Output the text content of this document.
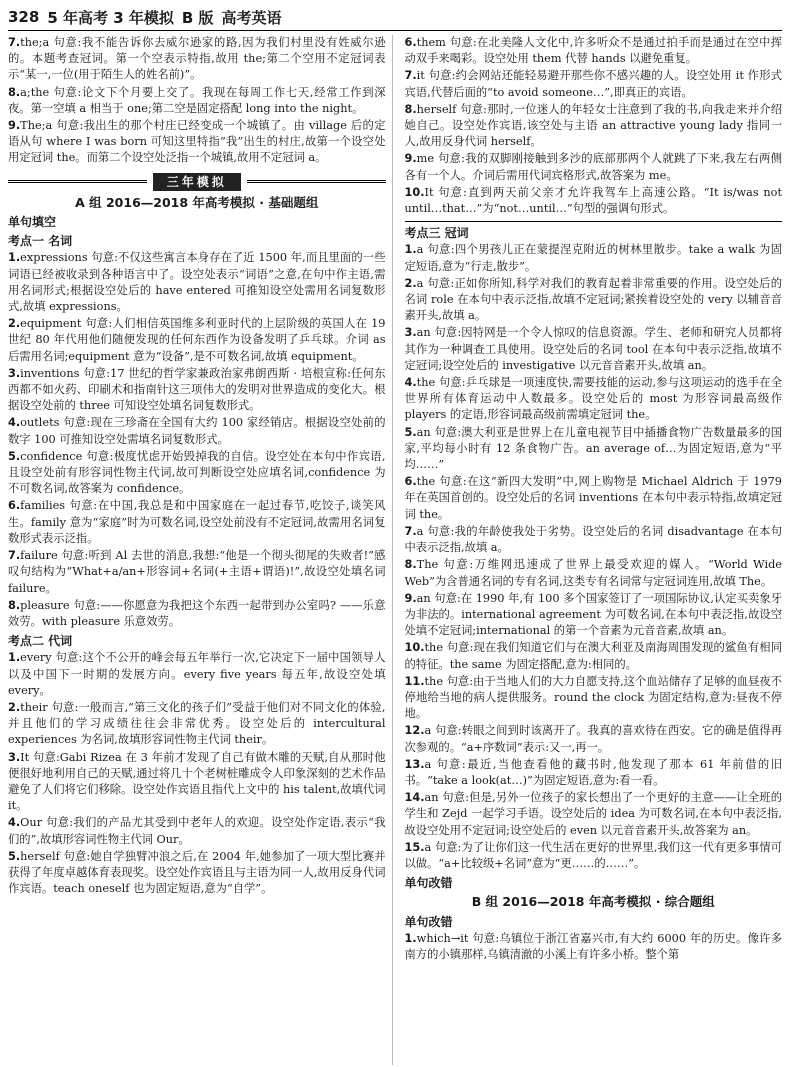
328 5 年高考 3 年模拟 B 版 高考英语
7.the;a 句意:我不能告诉你去威尔逊家的路,因为我们村里没有姓威尔逊的。本题考查冠词。第一个空表示特指,故用 the;第二个空用不定冠词表示“某一,一位(用于陌生人的姓名前)”。
8.a;the 句意:论文下个月要上交了。我现在每周工作七天,经常工作到深夜。第一空填 a 相当于 one;第二空是固定搭配 long into the night。
9.The;a 句意:我出生的那个村庄已经变成一个城镇了。由 village 后的定语从句 where I was born 可知这里特指“我”出生的村庄,故第一个设空处用定冠词 the。而第二个设空处泛指一个城镇,故用不定冠词 a。
三年模拟
A 组 2016—2018 年高考模拟 · 基础题组
单句填空
考点一 名词
1.expressions 句意:不仅这些寓言本身存在了近 1500 年,而且里面的一些词语已经被收录到各种语言中了。设空处表示“词语”之意,在句中作主语,需用名词形式;根据设空处后的 have entered 可推知设空处需用名词复数形式,故填 expressions。
2.equipment 句意:人们相信英国维多利亚时代的上层阶级的英国人在 19 世纪 80 年代用他们随便发现的任何东西作为设备发明了乒乓球。介词 as 后需用名词;equipment 意为“设备”,是不可数名词,故填 equipment。
3.inventions 句意:17 世纪的哲学家兼政治家弗朗西斯 · 培根宣称:任何东西都不如火药、印刷术和指南针这三项伟大的发明对世界造成的变化大。根据设空处前的 three 可知设空处填名词复数形式。
4.outlets 句意:现在三珍斋在全国有大约 100 家经销店。根据设空处前的数字 100 可推知设空处需填名词复数形式。
5.confidence 句意:极度忧虑开始毁掉我的自信。设空处在本句中作宾语,且设空处前有形容词性物主代词,故可判断设空处应填名词,confidence 为不可数名词,故答案为 confidence。
6.families 句意:在中国,我总是和中国家庭在一起过春节,吃饺子,谈笑风生。family 意为“家庭”时为可数名词,设空处前没有不定冠词,故需用名词复数形式表示泛指。
7.failure 句意:听到 Al 去世的消息,我想:“他是一个彻头彻尾的失败者!”感叹句结构为“What+a/an+形容词+名词(+主语+谓语)!”,故设空处填名词 failure。
8.pleasure 句意:——你愿意为我把这个东西一起带到办公室吗? ——乐意效劳。with pleasure 乐意效劳。
考点二 代词
1.every 句意:这个不公开的峰会每五年举行一次,它决定下一届中国领导人以及中国下一时期的发展方向。every five years 每五年,故设空处填 every。
2.their 句意:一般而言,“第三文化的孩子们”受益于他们对不同文化的体验,并且他们的学习成绩往往会非常优秀。设空处后的 intercultural experiences 为名词,故填形容词性物主代词 their。
3.It 句意:Gabi Rizea 在 3 年前才发现了自己有做木雕的天赋,自从那时他便很好地利用自己的天赋,通过将几十个老树桩雕成令人印象深刻的艺术作品避免了人们将它们移除。设空处作宾语且指代上文中的 his talent,故填代词 it。
4.Our 句意:我们的产品尤其受到中老年人的欢迎。设空处作定语,表示“我们的”,故填形容词性物主代词 Our。
5.herself 句意:她自学独臂冲浪之后,在 2004 年,她参加了一项大型比赛并获得了年度卓越体育表现奖。设空处作宾语且与主语为同一人,故用反身代词作宾语。teach oneself 也为固定短语,意为“自学”。
6.them 句意:在北美隆人文化中,许多听众不是通过拍手而是通过在空中挥动双手来喝彩。设空处用 them 代替 hands 以避免重复。
7.it 句意:约会网站还能轻易避开那些你不感兴趣的人。设空处用 it 作形式宾语,代替后面的“to avoid someone…”,即真正的宾语。
8.herself 句意:那时,一位迷人的年轻女士注意到了我的书,向我走来并介绍她自己。设空处作宾语,该空处与主语 an attractive young lady 指同一人,故用反身代词 herself。
9.me 句意:我的双脚刚接触到多沙的底部那两个人就跳了下来,我左右两侧各有一个人。介词后需用代词宾格形式,故答案为 me。
10.It 句意:直到两天前父亲才允许我驾车上高速公路。“It is/was not until…that…”为“not…until…”句型的强调句形式。
考点三 冠词
1.a 句意:四个男孩儿正在蒙提涅克附近的树林里散步。take a walk 为固定短语,意为“行走,散步”。
2.a 句意:正如你所知,科学对我们的教育起着非常重要的作用。设空处后的名词 role 在本句中表示泛指,故填不定冠词;紧挨着设空处的 very 以辅音音素开头,故填 a。
3.an 句意:因特网是一个令人惊叹的信息资源。学生、老师和研究人员都将其作为一种调查工具使用。设空处后的名词 tool 在本句中表示泛指,故填不定冠词;设空处后的 investigative 以元音音素开头,故填 an。
4.the 句意:乒乓球是一项速度快,需要技能的运动,参与这项运动的选手在全世界所有体育运动中人数最多。设空处后的 most 为形容词最高级作 players 的定语,形容词最高级前需填定冠词 the。
5.an 句意:澳大利亚是世界上在儿童电视节目中插播食物广告数量最多的国家,平均每小时有 12 条食物广告。an average of…为固定短语,意为“平均……”
6.the 句意:在这“新四大发明”中,网上购物是 Michael Aldrich 于 1979 年在英国首创的。设空处后的名词 inventions 在本句中表示特指,故填定冠词 the。
7.a 句意:我的年龄使我处于劣势。设空处后的名词 disadvantage 在本句中表示泛指,故填 a。
8.The 句意:万维网迅速成了世界上最受欢迎的媒人。“World Wide Web”为含普通名词的专有名词,这类专有名词常与定冠词连用,故填 The。
9.an 句意:在 1990 年,有 100 多个国家签订了一项国际协议,认定买卖象牙为非法的。international agreement 为可数名词,在本句中表泛指,故设空处填不定冠词;international 的第一个音素为元音音素,故填 an。
10.the 句意:现在我们知道它们与在澳大利亚及南海周围发现的鲨鱼有相同的特征。the same 为固定搭配,意为:相同的。
11.the 句意:由于当地人们的大力自愿支持,这个血站储存了足够的血昼夜不停地给当地的病人提供服务。round the clock 为固定结构,意为:昼夜不停地。
12.a 句意:转眼之间到时该离开了。我真的喜欢待在西安。它的确是值得再次参观的。“a+序数词”表示:又一,再一。
13.a 句意:最近,当他查看他的藏书时,他发现了那本 61 年前借的旧书。“take a look(at…)”为固定短语,意为:看一看。
14.an 句意:但是,另外一位孩子的家长想出了一个更好的主意——让全班的学生和 Zejd 一起学习手语。设空处后的 idea 为可数名词,在本句中表泛指,故设空处用不定冠词;设空处后的 even 以元音音素开头,故答案为 an。
15.a 句意:为了让你们这一代生活在更好的世界里,我们这一代有更多事情可以做。“a+比较级+名词”意为“更……的……”。
单句改错
B 组 2016—2018 年高考模拟 · 综合题组
单句改错
1.which→it 句意:乌镇位于浙江省嘉兴市,有大约 6000 年的历史。像许多南方的小镇那样,乌镇清澈的小溪上有许多小桥。整个第
